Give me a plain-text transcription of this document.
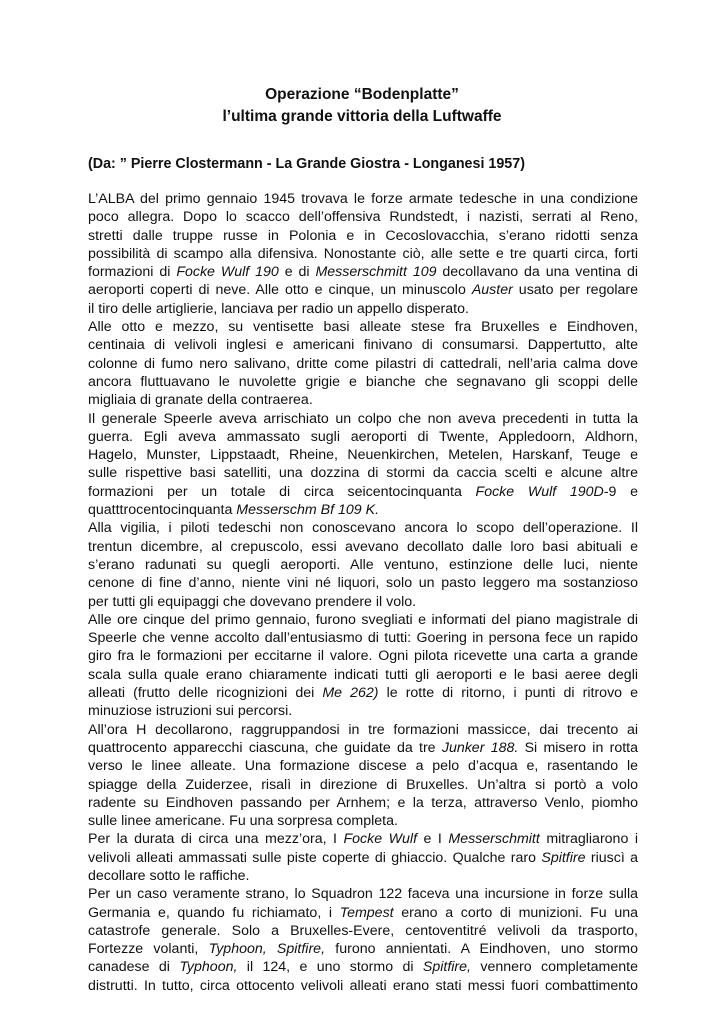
Operazione “Bodenplatte”
l’ultima grande vittoria della Luftwaffe

(Da: ” Pierre Clostermann - La Grande Giostra - Longanesi 1957)

L’ALBA del primo gennaio 1945 trovava le forze armate tedesche in una condizione
poco allegra. Dopo lo scacco dell’offensiva Rundstedt, i nazisti, serrati al Reno,
stretti dalle truppe russe in Polonia e in Cecoslovacchia, s’erano ridotti senza
possibilità di scampo alla difensiva. Nonostante ciò, alle sette e tre quarti circa, forti
formazioni di Focke Wulf 190 e di Messerschmitt 109 decollavano da una ventina di
aeroporti coperti di neve. Alle otto e cinque, un minuscolo Auster usato per regolare
il tiro delle artiglierie, lanciava per radio un appello disperato.

Alle otto e mezzo, su ventisette basi alleate stese fra Bruxelles e Eindhoven,
centinaia di velivoli inglesi e americani finivano di consumarsi. Dappertutto, alte
colonne di fumo nero salivano, dritte come pilastri di cattedrali, nell’aria calma dove
ancora fluttuavano le nuvolette grigie e bianche che segnavano gli scoppi delle
migliaia di granate della contraerea.

Il generale Speerle aveva arrischiato un colpo che non aveva precedenti in tutta la
guerra. Egli aveva ammassato sugli aeroporti di Twente, Appledoorn, Aldhorn,
Hagelo, Munster, Lippstaadt, Rheine, Neuenkirchen, Metelen, Harskanf, Teuge e
sulle rispettive basi satelliti, una dozzina di stormi da caccia scelti e alcune altre
formazioni per un totale di circa seicentocinquanta Focke Wulf 190D-9 e
quatttrocentocinquanta Messerschm Bf 109 K.

Alla vigilia, i piloti tedeschi non conoscevano ancora lo scopo dell’operazione. Il
trentun dicembre, al crepuscolo, essi avevano decollato dalle loro basi abituali e
s’erano radunati su quegli aeroporti. Alle ventuno, estinzione delle luci, niente
cenone di fine d’anno, niente vini né liquori, solo un pasto leggero ma sostanzioso
per tutti gli equipaggi che dovevano prendere il volo.

Alle ore cinque del primo gennaio, furono svegliati e informati del piano magistrale di
Speerle che venne accolto dall’entusiasmo di tutti: Goering in persona fece un rapido
giro fra le formazioni per eccitarne il valore. Ogni pilota ricevette una carta a grande
scala sulla quale erano chiaramente indicati tutti gli aeroporti e le basi aeree degli
alleati (frutto delle ricognizioni dei Me 262) le rotte di ritorno, i punti di ritrovo e
minuziose istruzioni sui percorsi.

All’ora H decollarono, raggruppandosi in tre formazioni massicce, dai trecento ai
quattrocento apparecchi ciascuna, che guidate da tre Junker 188. Si misero in rotta
verso le linee alleate. Una formazione discese a pelo d’acqua e, rasentando le
spiagge della Zuiderzee, risalì in direzione di Bruxelles. Un’altra si portò a volo
radente su Eindhoven passando per Arnhem; e la terza, attraverso Venlo, piomho
sulle linee americane. Fu una sorpresa completa.

Per la durata di circa una mezz’ora, I Focke Wulf e I Messerschmitt mitragliarono i
velivoli alleati ammassati sulle piste coperte di ghiaccio. Qualche raro Spitfire riuscì a
decollare sotto le raffiche.

Per un caso veramente strano, lo Squadron 122 faceva una incursione in forze sulla
Germania e, quando fu richiamato, i Tempest erano a corto di munizioni. Fu una
catastrofe generale. Solo a Bruxelles-Evere, centoventitré velivoli da trasporto,
Fortezze volanti, Typhoon, Spitfire, furono annientati. A Eindhoven, uno stormo
canadese di Typhoon, il 124, e uno stormo di Spitfire, vennero completamente
distrutti. In tutto, circa ottocento velivoli alleati erano stati messi fuori combattimento
